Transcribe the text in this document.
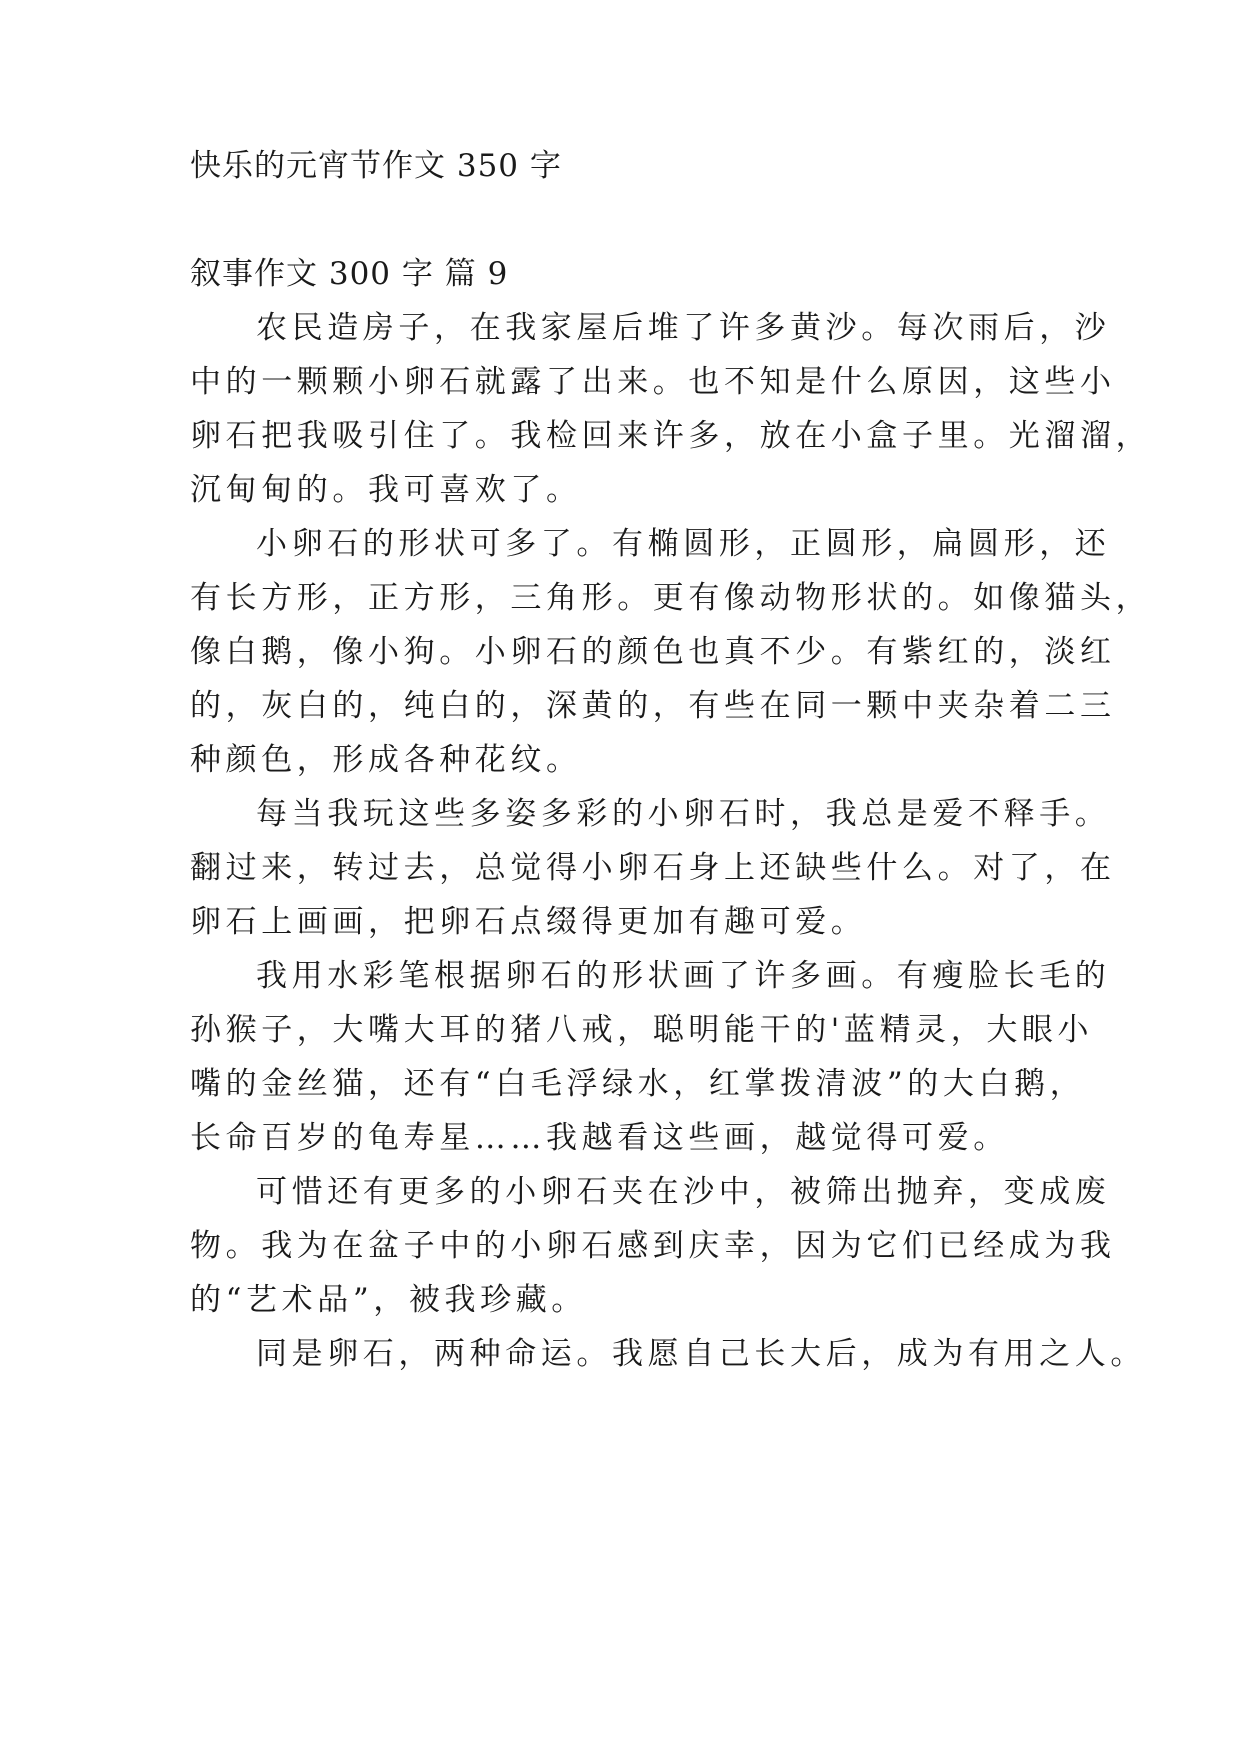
快乐的元宵节作文 350 字
叙事作文 300 字 篇 9
农民造房子，在我家屋后堆了许多黄沙。每次雨后，沙
中的一颗颗小卵石就露了出来。也不知是什么原因，这些小
卵石把我吸引住了。我检回来许多，放在小盒子里。光溜溜，
沉甸甸的。我可喜欢了。
小卵石的形状可多了。有椭圆形，正圆形，扁圆形，还
有长方形，正方形，三角形。更有像动物形状的。如像猫头，
像白鹅，像小狗。小卵石的颜色也真不少。有紫红的，淡红
的，灰白的，纯白的，深黄的，有些在同一颗中夹杂着二三
种颜色，形成各种花纹。
每当我玩这些多姿多彩的小卵石时，我总是爱不释手。
翻过来，转过去，总觉得小卵石身上还缺些什么。对了，在
卵石上画画，把卵石点缀得更加有趣可爱。
我用水彩笔根据卵石的形状画了许多画。有瘦脸长毛的
孙猴子，大嘴大耳的猪八戒，聪明能干的'蓝精灵，大眼小
嘴的金丝猫，还有“白毛浮绿水，红掌拨清波”的大白鹅，
长命百岁的龟寿星……我越看这些画，越觉得可爱。
可惜还有更多的小卵石夹在沙中，被筛出抛弃，变成废
物。我为在盆子中的小卵石感到庆幸，因为它们已经成为我
的“艺术品”，被我珍藏。
同是卵石，两种命运。我愿自己长大后，成为有用之人。
